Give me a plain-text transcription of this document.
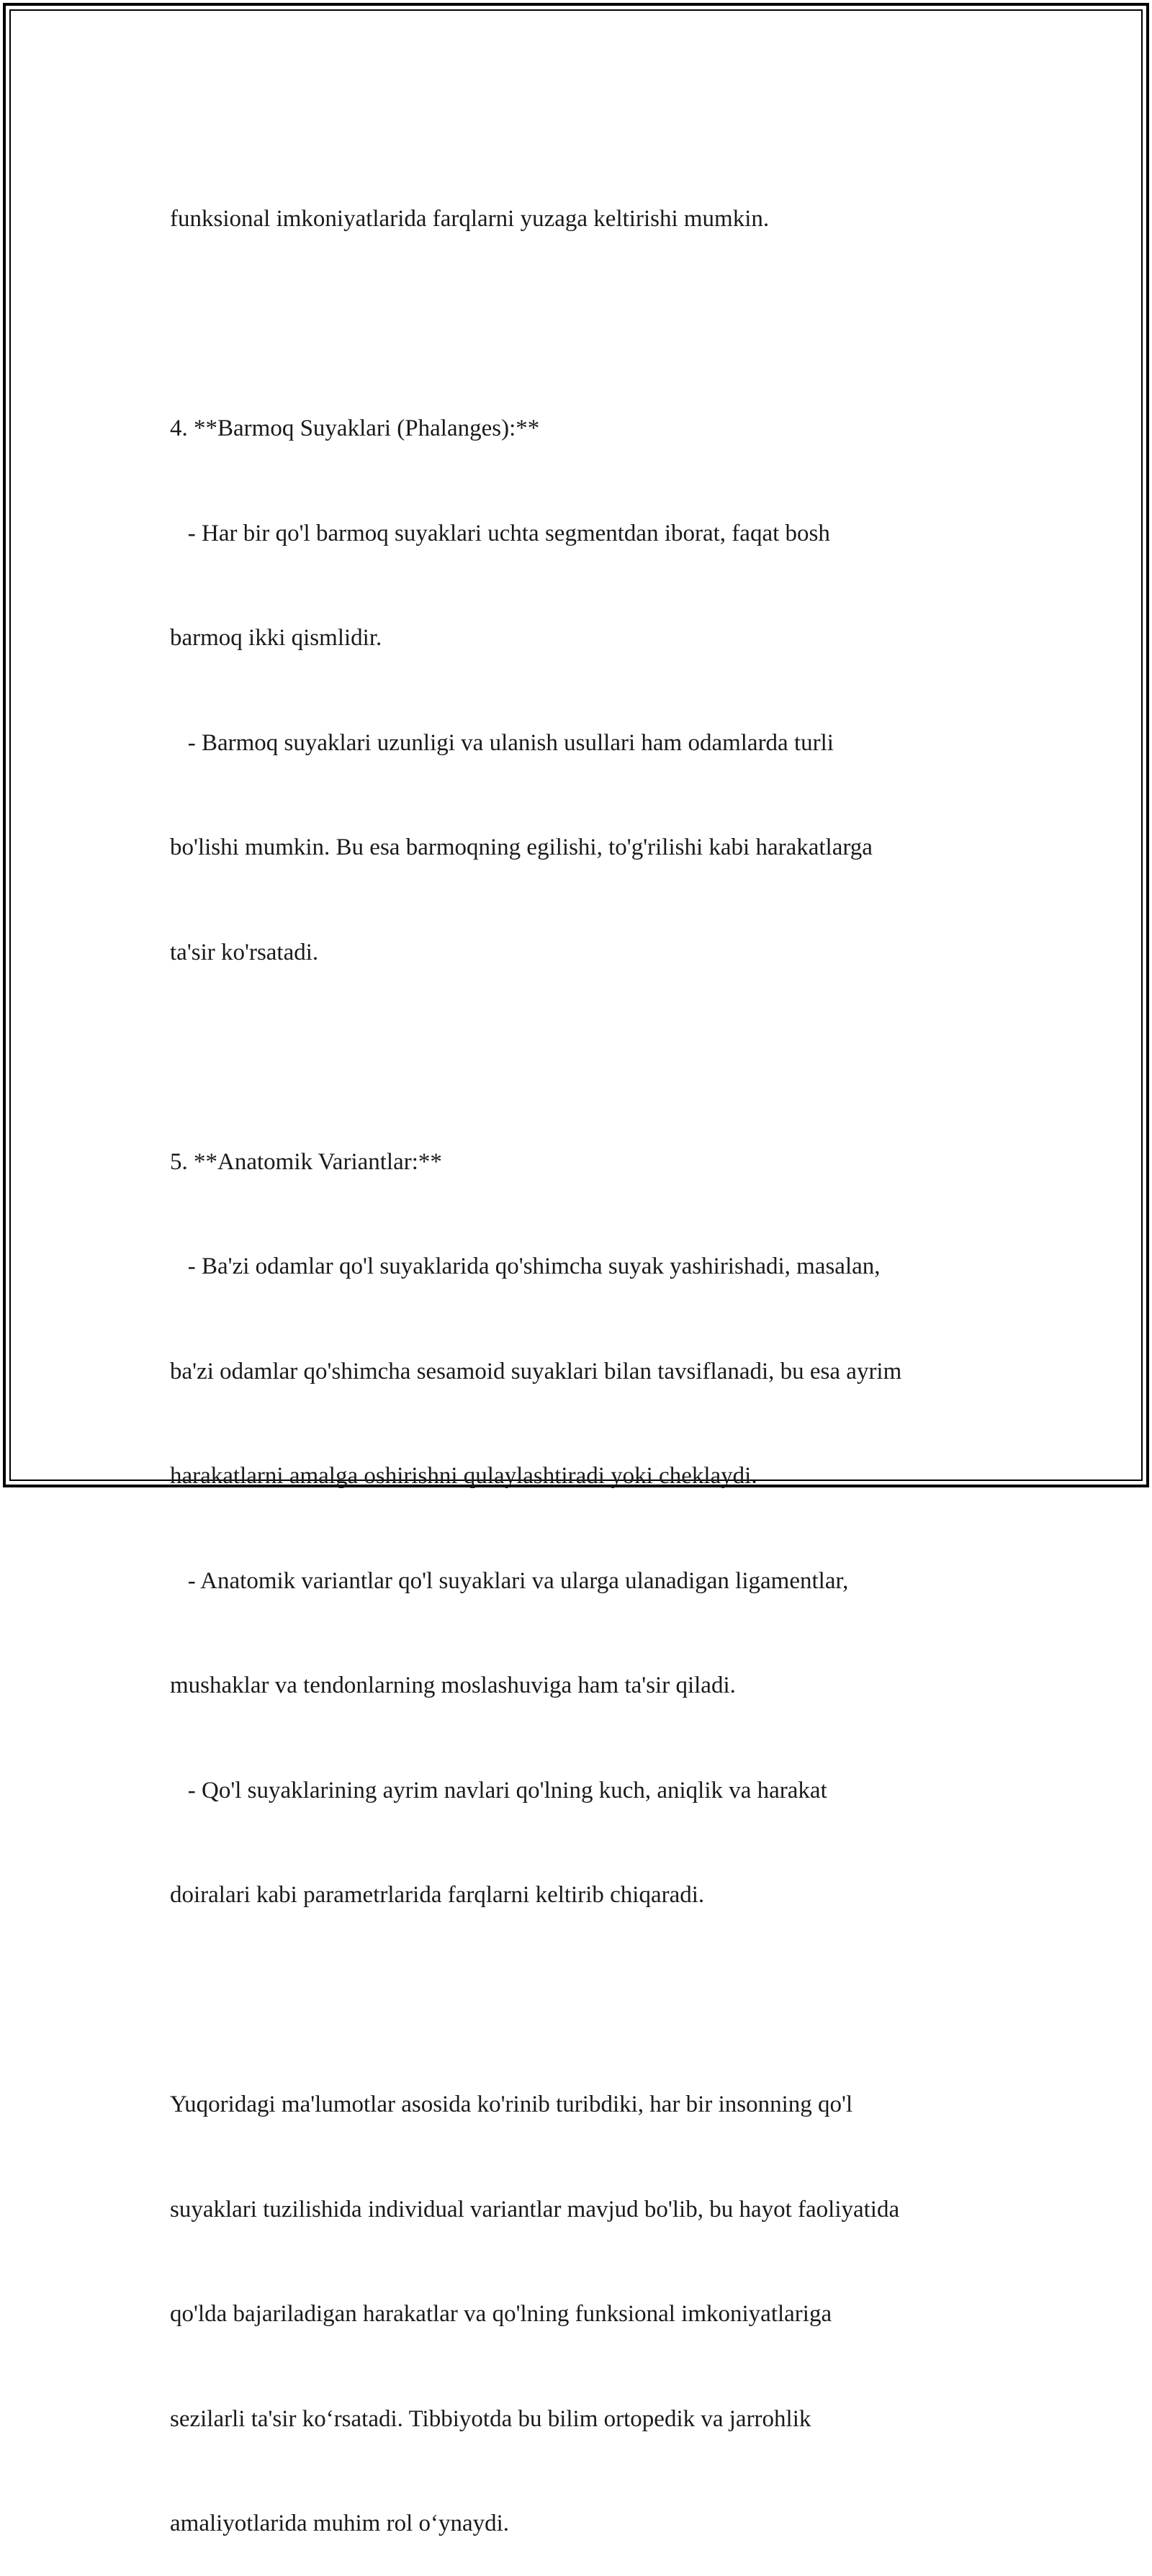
funksional imkoniyatlarida farqlarni yuzaga keltirishi mumkin.

4. **Barmoq Suyaklari (Phalanges):**

- Har bir qo'l barmoq suyaklari uchta segmentdan iborat, faqat bosh

barmoq ikki qismlidir.

- Barmoq suyaklari uzunligi va ulanish usullari ham odamlarda turli

bo'lishi mumkin. Bu esa barmoqning egilishi, to'g'rilishi kabi harakatlarga

ta'sir ko'rsatadi.

5. **Anatomik Variantlar:**

- Ba'zi odamlar qo'l suyaklarida qo'shimcha suyak yashirishadi, masalan,

ba'zi odamlar qo'shimcha sesamoid suyaklari bilan tavsiflanadi, bu esa ayrim

harakatlarni amalga oshirishni qulaylashtiradi yoki cheklaydi.

- Anatomik variantlar qo'l suyaklari va ularga ulanadigan ligamentlar,

mushaklar va tendonlarning moslashuviga ham ta'sir qiladi.

- Qo'l suyaklarining ayrim navlari qo'lning kuch, aniqlik va harakat

doiralari kabi parametrlarida farqlarni keltirib chiqaradi.

Yuqoridagi ma'lumotlar asosida ko'rinib turibdiki, har bir insonning qo'l

suyaklari tuzilishida individual variantlar mavjud bo'lib, bu hayot faoliyatida

qo'lda bajariladigan harakatlar va qo'lning funksional imkoniyatlariga

sezilarli ta'sir ko‘rsatadi. Tibbiyotda bu bilim ortopedik va jarrohlik

amaliyotlarida muhim rol o‘ynaydi.
